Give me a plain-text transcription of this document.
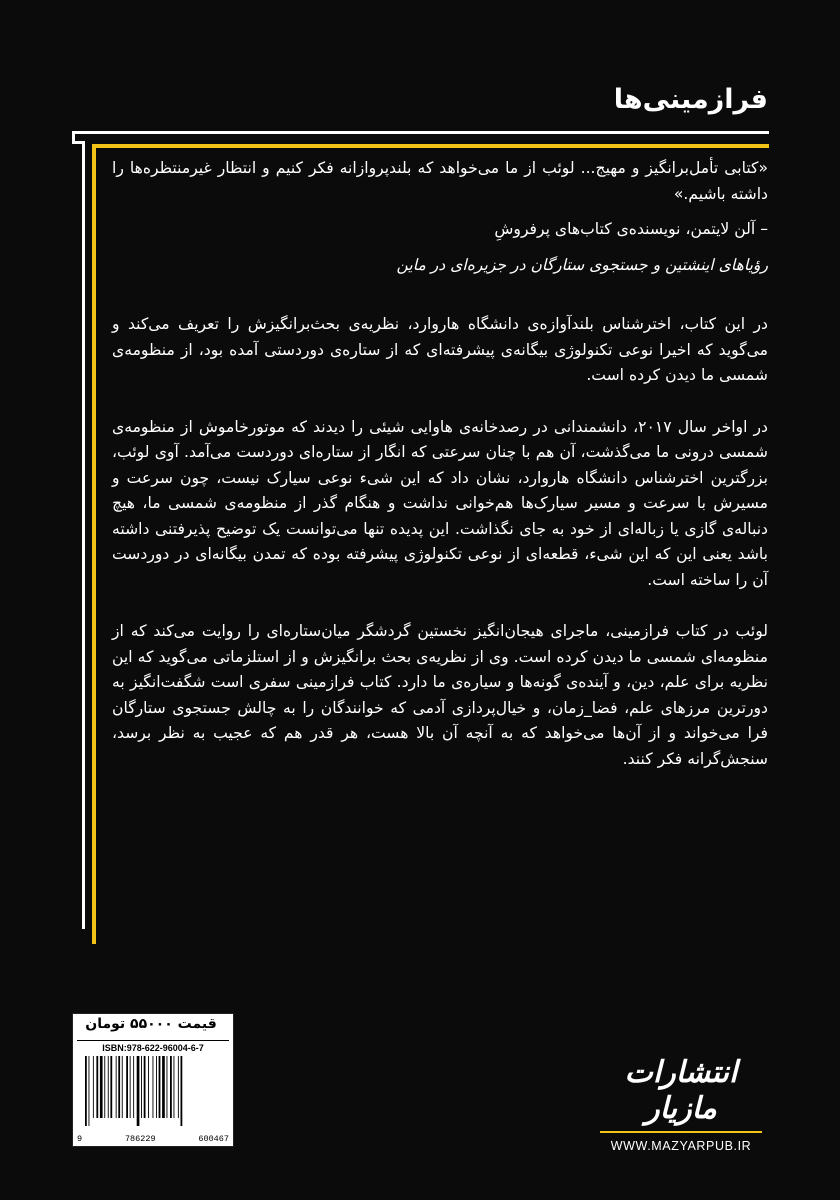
فرازمینی‌ها

«کتابی تأمل‌برانگیز و مهیج... لوئب از ما می‌خواهد که بلندپروازانه فکر کنیم و انتظار غیرمنتظره‌ها را داشته باشیم.»

– آلن لایتمن، نویسنده‌ی کتاب‌های پرفروشِ

رؤیاهای اینشتین و جستجوی ستارگان در جزیره‌ای در ماین

در این کتاب، اخترشناس بلندآوازه‌ی دانشگاه هاروارد، نظریه‌ی بحث‌برانگیزش را تعریف می‌کند و می‌گوید که اخیرا نوعی تکنولوژی بیگانه‌ی پیشرفته‌ای که از ستاره‌ی دوردستی آمده بود، از منظومه‌ی شمسی ما دیدن کرده است.

در اواخر سال ۲۰۱۷، دانشمندانی در رصدخانه‌ی هاوایی شیئی را دیدند که موتورخاموش از منظومه‌ی شمسی درونی ما می‌گذشت، آن هم با چنان سرعتی که انگار از ستاره‌ای دوردست می‌آمد. آوی لوئب، بزرگترین اخترشناس دانشگاه هاروارد، نشان داد که این شیء نوعی سیارک نیست، چون سرعت و مسیرش با سرعت و مسیر سیارک‌ها هم‌خوانی نداشت و هنگام گذر از منظومه‌ی شمسی ما، هیچ دنباله‌ی گازی یا زباله‌ای از خود به جای نگذاشت. این پدیده تنها می‌توانست یک توضیح پذیرفتنی داشته باشد یعنی این که این شیء، قطعه‌ای از نوعی تکنولوژی پیشرفته بوده که تمدن بیگانه‌ای در دوردست آن را ساخته است.

لوئب در کتاب فرازمینی، ماجرای هیجان‌انگیز نخستین گردشگر میان‌ستاره‌ای را روایت می‌کند که از منظومه‌ای شمسی ما دیدن کرده است. وی از نظریه‌ی بحث برانگیزش و از استلزماتی می‌گوید که این نظریه برای علم، دین، و آینده‌ی گونه‌ها و سیاره‌ی ما دارد. کتاب فرازمینی سفری است شگفت‌انگیز به دورترین مرزهای علم، فضا_زمان، و خیال‌پردازی آدمی که خوانندگان را به چالش جستجوی ستارگان فرا می‌خواند و از آن‌ها می‌خواهد که به آنچه آن بالا هست، هر قدر هم که عجیب به نظر برسد، سنجش‌گرانه فکر کنند.

قیمت ۵۵۰۰۰ تومان
ISBN:978-622-96004-6-7
9	786229	600467
انتشارات مازیار
WWW.MAZYARPUB.IR
